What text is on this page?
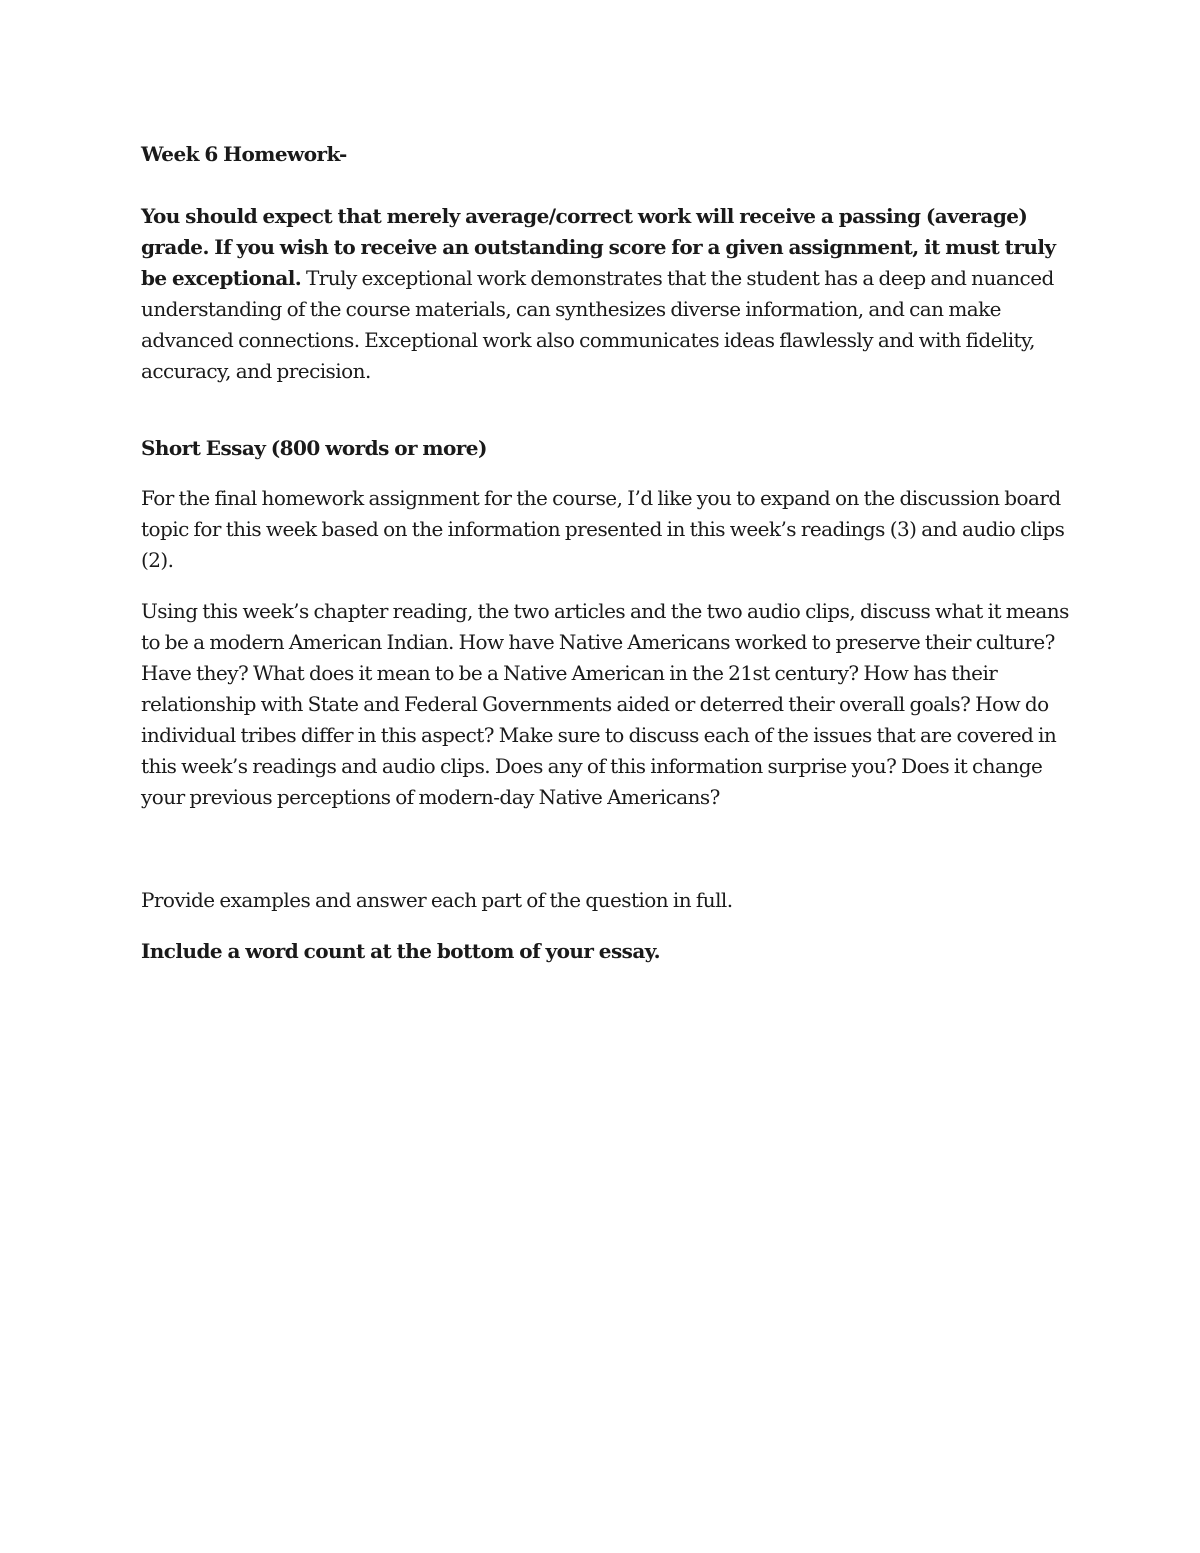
Week 6 Homework-

You should expect that merely average/correct work will receive a passing (average) grade. If you wish to receive an outstanding score for a given assignment, it must truly be exceptional. Truly exceptional work demonstrates that the student has a deep and nuanced understanding of the course materials, can synthesizes diverse information, and can make advanced connections. Exceptional work also communicates ideas flawlessly and with fidelity, accuracy, and precision.

Short Essay (800 words or more)

For the final homework assignment for the course, I’d like you to expand on the discussion board topic for this week based on the information presented in this week’s readings (3) and audio clips (2).

Using this week’s chapter reading, the two articles and the two audio clips, discuss what it means to be a modern American Indian. How have Native Americans worked to preserve their culture? Have they? What does it mean to be a Native American in the 21st century? How has their relationship with State and Federal Governments aided or deterred their overall goals? How do individual tribes differ in this aspect? Make sure to discuss each of the issues that are covered in this week’s readings and audio clips. Does any of this information surprise you? Does it change your previous perceptions of modern-day Native Americans?

Provide examples and answer each part of the question in full.

Include a word count at the bottom of your essay.
